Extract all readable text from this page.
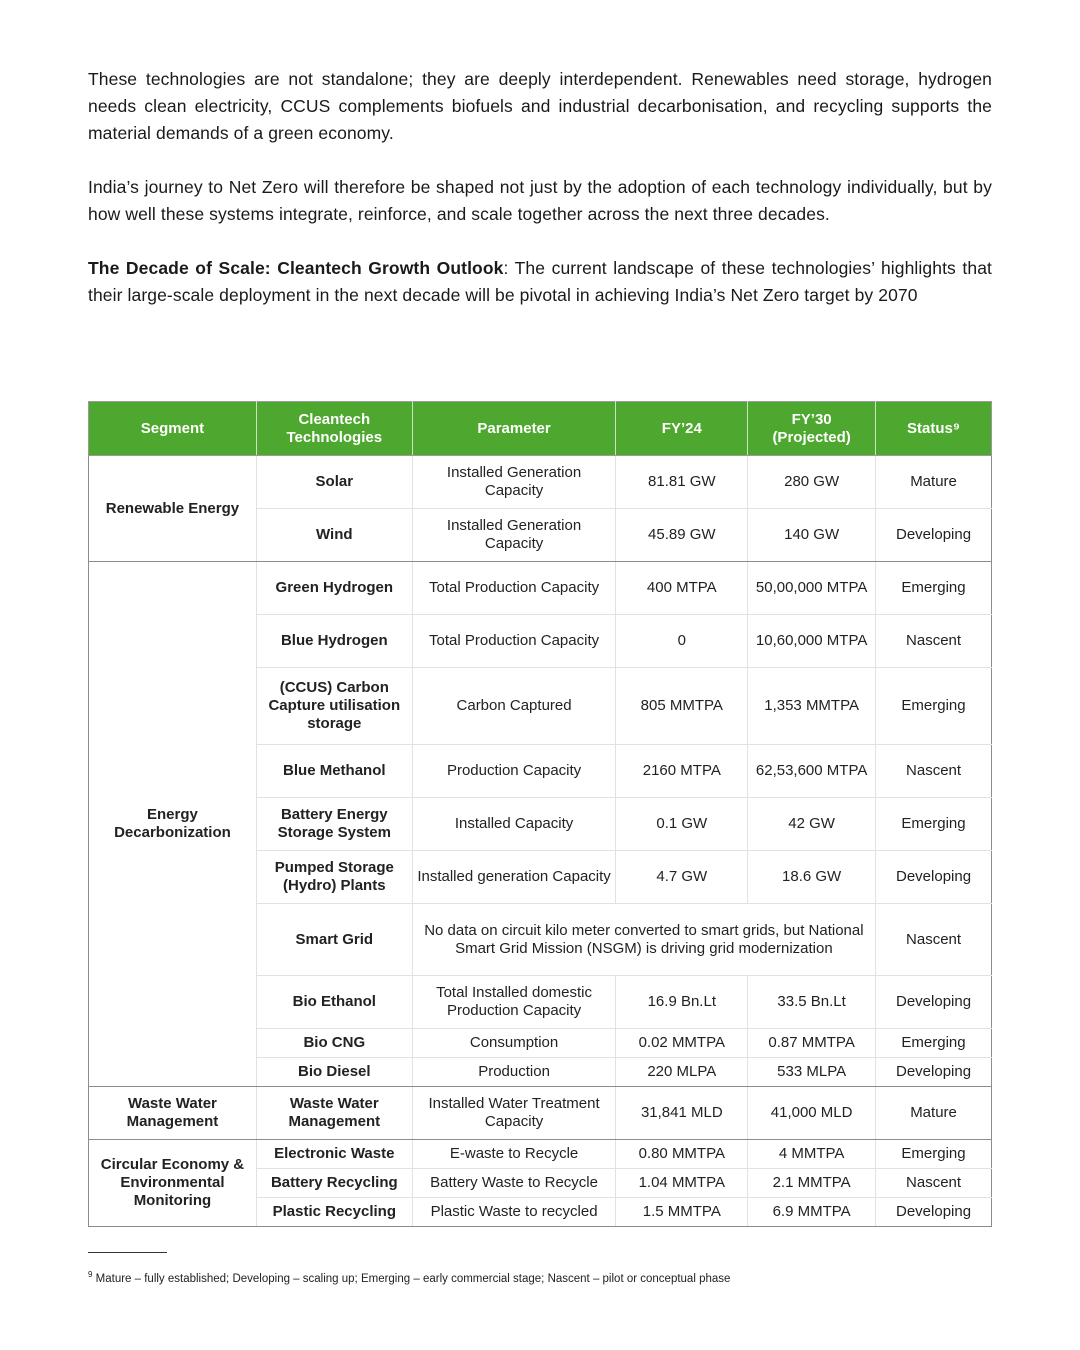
These technologies are not standalone; they are deeply interdependent. Renewables need storage, hydrogen needs clean electricity, CCUS complements biofuels and industrial decarbonisation, and recycling supports the material demands of a green economy.

India’s journey to Net Zero will therefore be shaped not just by the adoption of each technology individually, but by how well these systems integrate, reinforce, and scale together across the next three decades.

The Decade of Scale: Cleantech Growth Outlook: The current landscape of these technologies’ highlights that their large-scale deployment in the next decade will be pivotal in achieving India’s Net Zero target by 2070

Segment	Cleantech Technologies	Parameter	FY’24	FY’30 (Projected)	Status⁹
Renewable Energy	Solar	Installed Generation Capacity	81.81 GW	280 GW	Mature
	Wind	Installed Generation Capacity	45.89 GW	140 GW	Developing
Energy Decarbonization	Green Hydrogen	Total Production Capacity	400 MTPA	50,00,000 MTPA	Emerging
	Blue Hydrogen	Total Production Capacity	0	10,60,000 MTPA	Nascent
	(CCUS) Carbon Capture utilisation storage	Carbon Captured	805 MMTPA	1,353 MMTPA	Emerging
	Blue Methanol	Production Capacity	2160 MTPA	62,53,600 MTPA	Nascent
	Battery Energy Storage System	Installed Capacity	0.1 GW	42 GW	Emerging
	Pumped Storage (Hydro) Plants	Installed generation Capacity	4.7 GW	18.6 GW	Developing
	Smart Grid	No data on circuit kilo meter converted to smart grids, but National Smart Grid Mission (NSGM) is driving grid modernization			Nascent
	Bio Ethanol	Total Installed domestic Production Capacity	16.9 Bn.Lt	33.5 Bn.Lt	Developing
	Bio CNG	Consumption	0.02 MMTPA	0.87 MMTPA	Emerging
	Bio Diesel	Production	220 MLPA	533 MLPA	Developing
Waste Water Management	Waste Water Management	Installed Water Treatment Capacity	31,841 MLD	41,000 MLD	Mature
Circular Economy & Environmental Monitoring	Electronic Waste	E-waste to Recycle	0.80 MMTPA	4 MMTPA	Emerging
	Battery Recycling	Battery Waste to Recycle	1.04 MMTPA	2.1 MMTPA	Nascent
	Plastic Recycling	Plastic Waste to recycled	1.5 MMTPA	6.9 MMTPA	Developing
$^9$ Mature – fully established; Developing – scaling up; Emerging – early commercial stage; Nascent – pilot or conceptual phase
